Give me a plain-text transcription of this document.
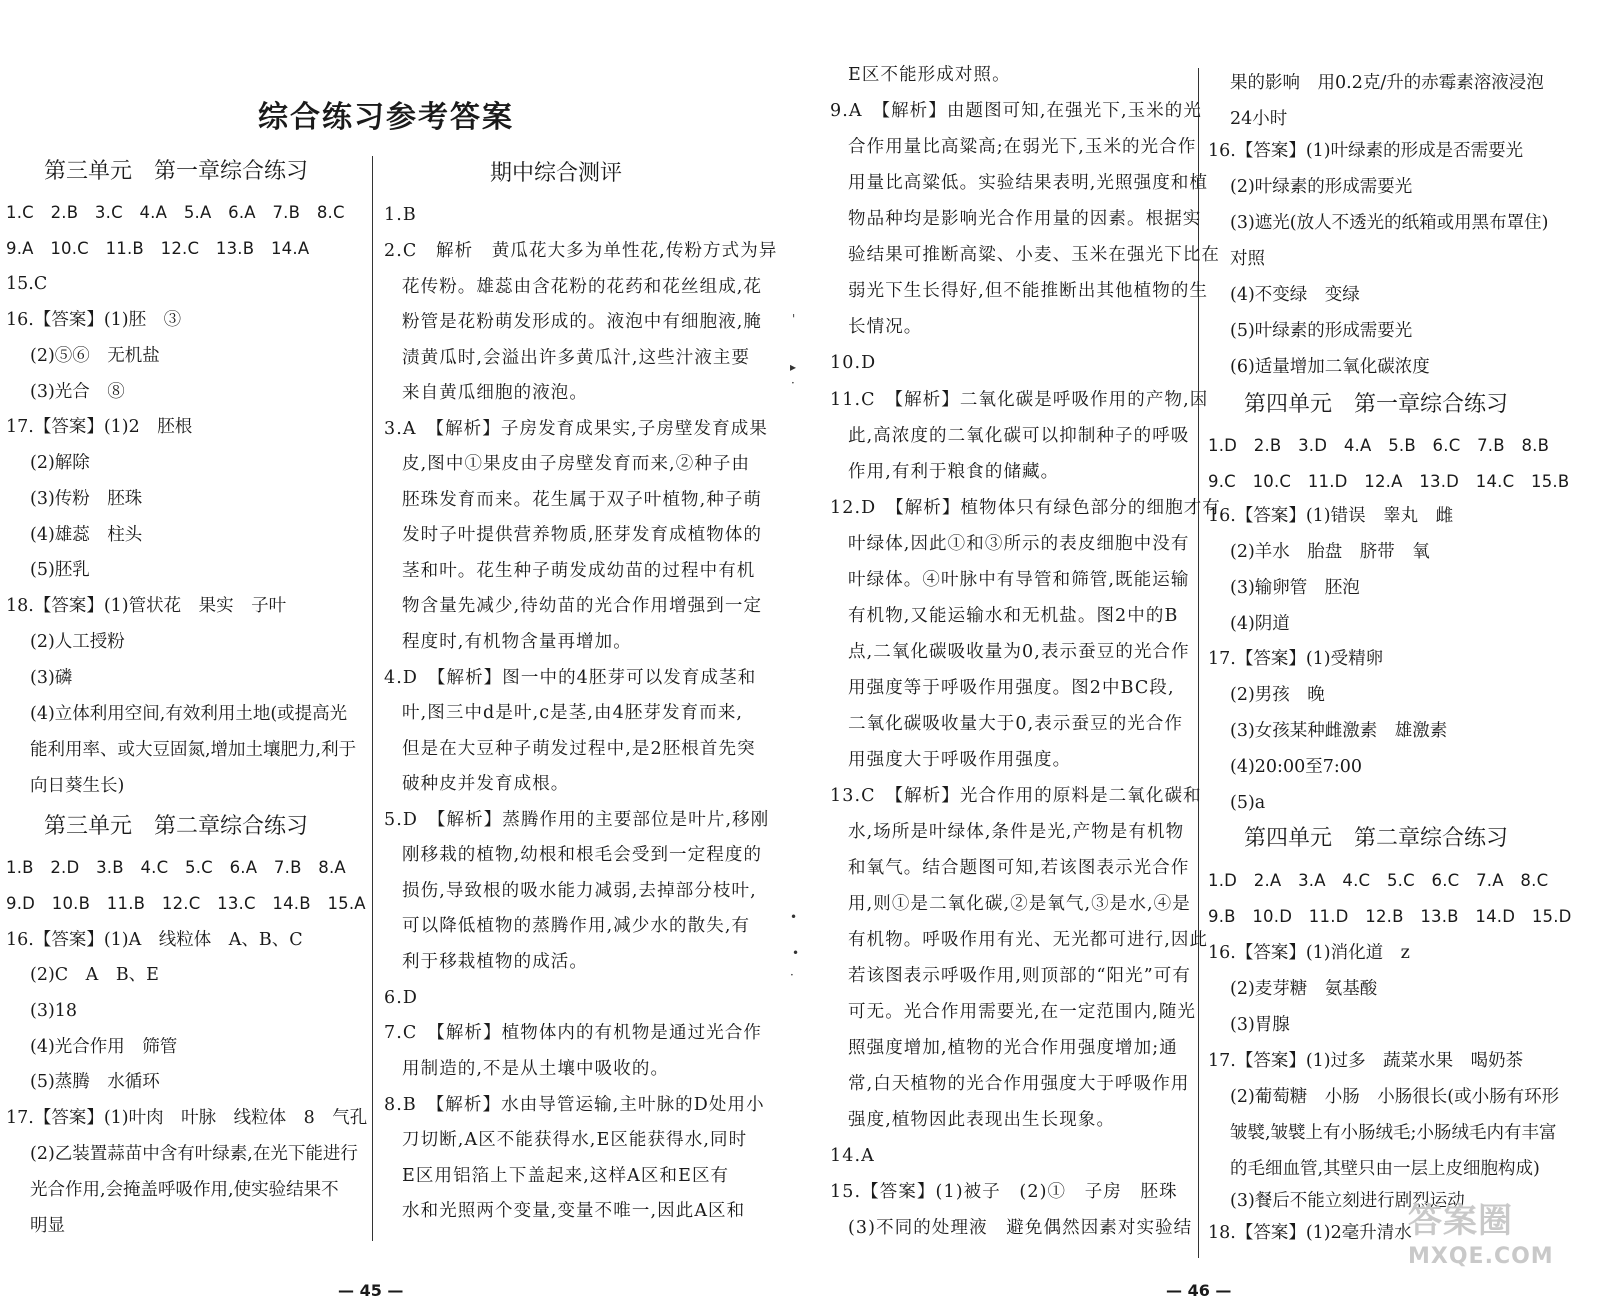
综合练习参考答案
第三单元　第一章综合练习
第三单元　第二章综合练习
期中综合测评
第四单元　第一章综合练习
第四单元　第二章综合练习
1.C　2.B　3.C　4.A　5.A　6.A　7.B　8.C
9.A　10.C　11.B　12.C　13.B　14.A
15.C
16.【答案】(1)胚　③
(2)⑤⑥　无机盐
(3)光合　⑧
17.【答案】(1)2　胚根
(2)解除
(3)传粉　胚珠
(4)雄蕊　柱头
(5)胚乳
18.【答案】(1)管状花　果实　子叶
(2)人工授粉
(3)磷
(4)立体利用空间,有效利用土地(或提高光
能利用率、或大豆固氮,增加土壤肥力,利于
向日葵生长)
1.B　2.D　3.B　4.C　5.C　6.A　7.B　8.A
9.D　10.B　11.B　12.C　13.C　14.B　15.A
16.【答案】(1)A　线粒体　A、B、C
(2)C　A　B、E
(3)18
(4)光合作用　筛管
(5)蒸腾　水循环
17.【答案】(1)叶肉　叶脉　线粒体　8　气孔
(2)乙装置蒜苗中含有叶绿素,在光下能进行
光合作用,会掩盖呼吸作用,使实验结果不
明显
1.B
2.C　解析　黄瓜花大多为单性花,传粉方式为异
花传粉。雄蕊由含花粉的花药和花丝组成,花
粉管是花粉萌发形成的。液泡中有细胞液,腌
渍黄瓜时,会溢出许多黄瓜汁,这些汁液主要
来自黄瓜细胞的液泡。
3.A　【解析】子房发育成果实,子房壁发育成果
皮,图中①果皮由子房壁发育而来,②种子由
胚珠发育而来。花生属于双子叶植物,种子萌
发时子叶提供营养物质,胚芽发育成植物体的
茎和叶。花生种子萌发成幼苗的过程中有机
物含量先减少,待幼苗的光合作用增强到一定
程度时,有机物含量再增加。
4.D　【解析】图一中的4胚芽可以发育成茎和
叶,图三中d是叶,c是茎,由4胚芽发育而来,
但是在大豆种子萌发过程中,是2胚根首先突
破种皮并发育成根。
5.D　【解析】蒸腾作用的主要部位是叶片,移刚
刚移栽的植物,幼根和根毛会受到一定程度的
损伤,导致根的吸水能力减弱,去掉部分枝叶,
可以降低植物的蒸腾作用,减少水的散失,有
利于移栽植物的成活。
6.D
7.C　【解析】植物体内的有机物是通过光合作
用制造的,不是从土壤中吸收的。
8.B　【解析】水由导管运输,主叶脉的D处用小
刀切断,A区不能获得水,E区能获得水,同时
E区用铝箔上下盖起来,这样A区和E区有
水和光照两个变量,变量不唯一,因此A区和
E区不能形成对照。
9.A　【解析】由题图可知,在强光下,玉米的光
合作用量比高粱高;在弱光下,玉米的光合作
用量比高粱低。实验结果表明,光照强度和植
物品种均是影响光合作用量的因素。根据实
验结果可推断高粱、小麦、玉米在强光下比在
弱光下生长得好,但不能推断出其他植物的生
长情况。
10.D
11.C　【解析】二氧化碳是呼吸作用的产物,因
此,高浓度的二氧化碳可以抑制种子的呼吸
作用,有利于粮食的储藏。
12.D　【解析】植物体只有绿色部分的细胞才有
叶绿体,因此①和③所示的表皮细胞中没有
叶绿体。④叶脉中有导管和筛管,既能运输
有机物,又能运输水和无机盐。图2中的B
点,二氧化碳吸收量为0,表示蚕豆的光合作
用强度等于呼吸作用强度。图2中BC段,
二氧化碳吸收量大于0,表示蚕豆的光合作
用强度大于呼吸作用强度。
13.C　【解析】光合作用的原料是二氧化碳和
水,场所是叶绿体,条件是光,产物是有机物
和氧气。结合题图可知,若该图表示光合作
用,则①是二氧化碳,②是氧气,③是水,④是
有机物。呼吸作用有光、无光都可进行,因此
若该图表示呼吸作用,则顶部的“阳光”可有
可无。光合作用需要光,在一定范围内,随光
照强度增加,植物的光合作用强度增加;通
常,白天植物的光合作用强度大于呼吸作用
强度,植物因此表现出生长现象。
14.A
15.【答案】(1)被子　(2)①　子房　胚珠
(3)不同的处理液　避免偶然因素对实验结
果的影响　用0.2克/升的赤霉素溶液浸泡
24小时
16.【答案】(1)叶绿素的形成是否需要光
(2)叶绿素的形成需要光
(3)遮光(放人不透光的纸箱或用黑布罩住)
对照
(4)不变绿　变绿
(5)叶绿素的形成需要光
(6)适量增加二氧化碳浓度
1.D　2.B　3.D　4.A　5.B　6.C　7.B　8.B
9.C　10.C　11.D　12.A　13.D　14.C　15.B
16.【答案】(1)错误　睾丸　雌
(2)羊水　胎盘　脐带　氧
(3)输卵管　胚泡
(4)阴道
17.【答案】(1)受精卵
(2)男孩　晚
(3)女孩某种雌激素　雄激素
(4)20:00至7:00
(5)a
1.D　2.A　3.A　4.C　5.C　6.C　7.A　8.C
9.B　10.D　11.D　12.B　13.B　14.D　15.D
16.【答案】(1)消化道　z
(2)麦芽糖　氨基酸
(3)胃腺
17.【答案】(1)过多　蔬菜水果　喝奶茶
(2)葡萄糖　小肠　小肠很长(或小肠有环形
皱襞,皱襞上有小肠绒毛;小肠绒毛内有丰富
的毛细血管,其壁只由一层上皮细胞构成)
(3)餐后不能立刻进行剧烈运动
18.【答案】(1)2毫升清水
'
▸
·
•
•
·
— 45 —	— 46 —
答案圈
MXQE.COM
